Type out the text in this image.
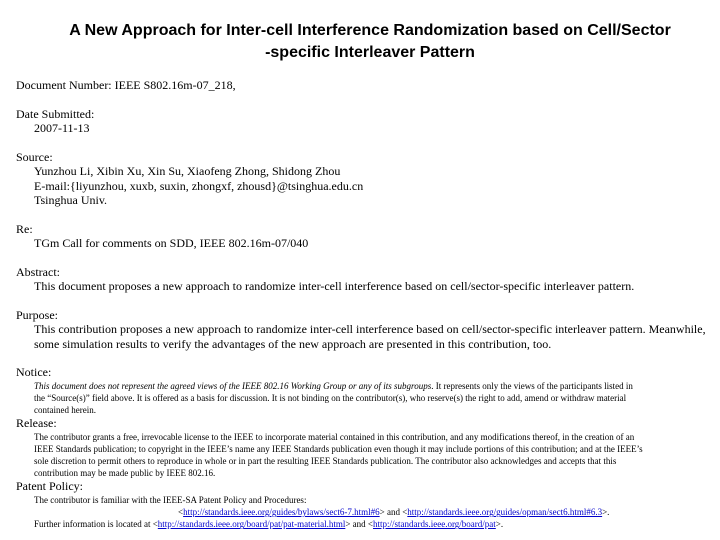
A New Approach for Inter-cell Interference Randomization based on Cell/Sector
-specific Interleaver Pattern
Document Number: IEEE S802.16m-07_218,
Date Submitted:
2007-11-13
Source:
Yunzhou Li, Xibin Xu, Xin Su, Xiaofeng Zhong, Shidong Zhou
E-mail:{liyunzhou, xuxb, suxin, zhongxf, zhousd}@tsinghua.edu.cn
Tsinghua Univ.
Re:
TGm Call for comments on SDD, IEEE 802.16m-07/040
Abstract:
This document proposes a new approach to randomize inter-cell interference based on cell/sector-specific interleaver pattern.
Purpose:
This contribution proposes a new approach to randomize inter-cell interference based on cell/sector-specific interleaver pattern. Meanwhile,
some simulation results to verify the advantages of the new approach are presented in this contribution, too.
Notice:
This document does not represent the agreed views of the IEEE 802.16 Working Group or any of its subgroups. It represents only the views of the participants listed in
the “Source(s)” field above. It is offered as a basis for discussion. It is not binding on the contributor(s), who reserve(s) the right to add, amend or withdraw material
contained herein.
Release:
The contributor grants a free, irrevocable license to the IEEE to incorporate material contained in this contribution, and any modifications thereof, in the creation of an
IEEE Standards publication; to copyright in the IEEE’s name any IEEE Standards publication even though it may include portions of this contribution; and at the IEEE’s
sole discretion to permit others to reproduce in whole or in part the resulting IEEE Standards publication. The contributor also acknowledges and accepts that this
contribution may be made public by IEEE 802.16.
Patent Policy:
The contributor is familiar with the IEEE-SA Patent Policy and Procedures:
<http://standards.ieee.org/guides/bylaws/sect6-7.html#6> and <http://standards.ieee.org/guides/opman/sect6.html#6.3>.
Further information is located at <http://standards.ieee.org/board/pat/pat-material.html> and <http://standards.ieee.org/board/pat>.
